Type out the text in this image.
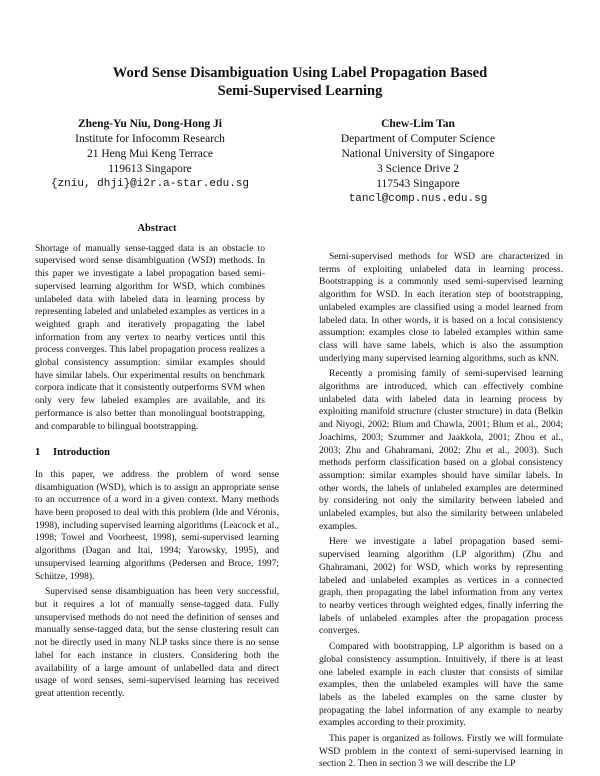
Word Sense Disambiguation Using Label Propagation Based
Semi-Supervised Learning
Zheng-Yu Niu, Dong-Hong Ji
Institute for Infocomm Research
21 Heng Mui Keng Terrace
119613 Singapore
{zniu, dhji}@i2r.a-star.edu.sg
Chew-Lim Tan
Department of Computer Science
National University of Singapore
3 Science Drive 2
117543 Singapore
tancl@comp.nus.edu.sg
Abstract

Shortage of manually sense-tagged data is an obstacle to supervised word sense disambiguation (WSD) methods. In this paper we investigate a label propagation based semi-supervised learning algorithm for WSD, which combines unlabeled data with labeled data in learning process by representing labeled and unlabeled examples as vertices in a weighted graph and iteratively propagating the label information from any vertex to nearby vertices until this process converges. This label propagation process realizes a global consistency assumption: similar examples should have similar labels. Our experimental results on benchmark corpora indicate that it consistently outperforms SVM when only very few labeled examples are available, and its performance is also better than monolingual bootstrapping, and comparable to bilingual bootstrapping.

1 Introduction

In this paper, we address the problem of word sense disambiguation (WSD), which is to assign an appropriate sense to an occurrence of a word in a given context. Many methods have been proposed to deal with this problem (Ide and Véronis, 1998), including supervised learning algorithms (Leacock et al., 1998; Towel and Voorheest, 1998), semi-supervised learning algorithms (Dagan and Itai, 1994; Yarowsky, 1995), and unsupervised learning algorithms (Pedersen and Bruce, 1997; Schütze, 1998).

Supervised sense disambiguation has been very successful, but it requires a lot of manually sense-tagged data. Fully unsupervised methods do not need the definition of senses and manually sense-tagged data, but the sense clustering result can not be directly used in many NLP tasks since there is no sense label for each instance in clusters. Considering both the availability of a large amount of unlabelled data and direct usage of word senses, semi-supervised learning has received great attention recently.

Semi-supervised methods for WSD are characterized in terms of exploiting unlabeled data in learning process. Bootstrapping is a commonly used semi-supervised learning algorithm for WSD. In each iteration step of bootstrapping, unlabeled examples are classified using a model learned from labeled data. In other words, it is based on a local consistency assumption: examples close to labeled examples within same class will have same labels, which is also the assumption underlying many supervised learning algorithms, such as kNN.

Recently a promising family of semi-supervised learning algorithms are introduced, which can effectively combine unlabeled data with labeled data in learning process by exploiting manifold structure (cluster structure) in data (Belkin and Niyogi, 2002; Blum and Chawla, 2001; Blum et al., 2004; Joachims, 2003; Szummer and Jaakkola, 2001; Zhou et al., 2003; Zhu and Ghahramani, 2002; Zhu et al., 2003). Such methods perform classification based on a global consistency assumption: similar examples should have similar labels. In other words, the labels of unlabeled examples are determined by considering not only the similarity between labeled and unlabeled examples, but also the similarity between unlabeled examples.

Here we investigate a label propagation based semi-supervised learning algorithm (LP algorithm) (Zhu and Ghahramani, 2002) for WSD, which works by representing labeled and unlabeled examples as vertices in a connected graph, then propagating the label information from any vertex to nearby vertices through weighted edges, finally inferring the labels of unlabeled examples after the propagation process converges.

Compared with bootstrapping, LP algorithm is based on a global consistency assumption. Intuitively, if there is at least one labeled example in each cluster that consists of similar examples, then the unlabeled examples will have the same labels as the labeled examples on the same cluster by propagating the label information of any example to nearby examples according to their proximity.

This paper is organized as follows. Firstly we will formulate WSD problem in the context of semi-supervised learning in section 2. Then in section 3 we will describe the LP
